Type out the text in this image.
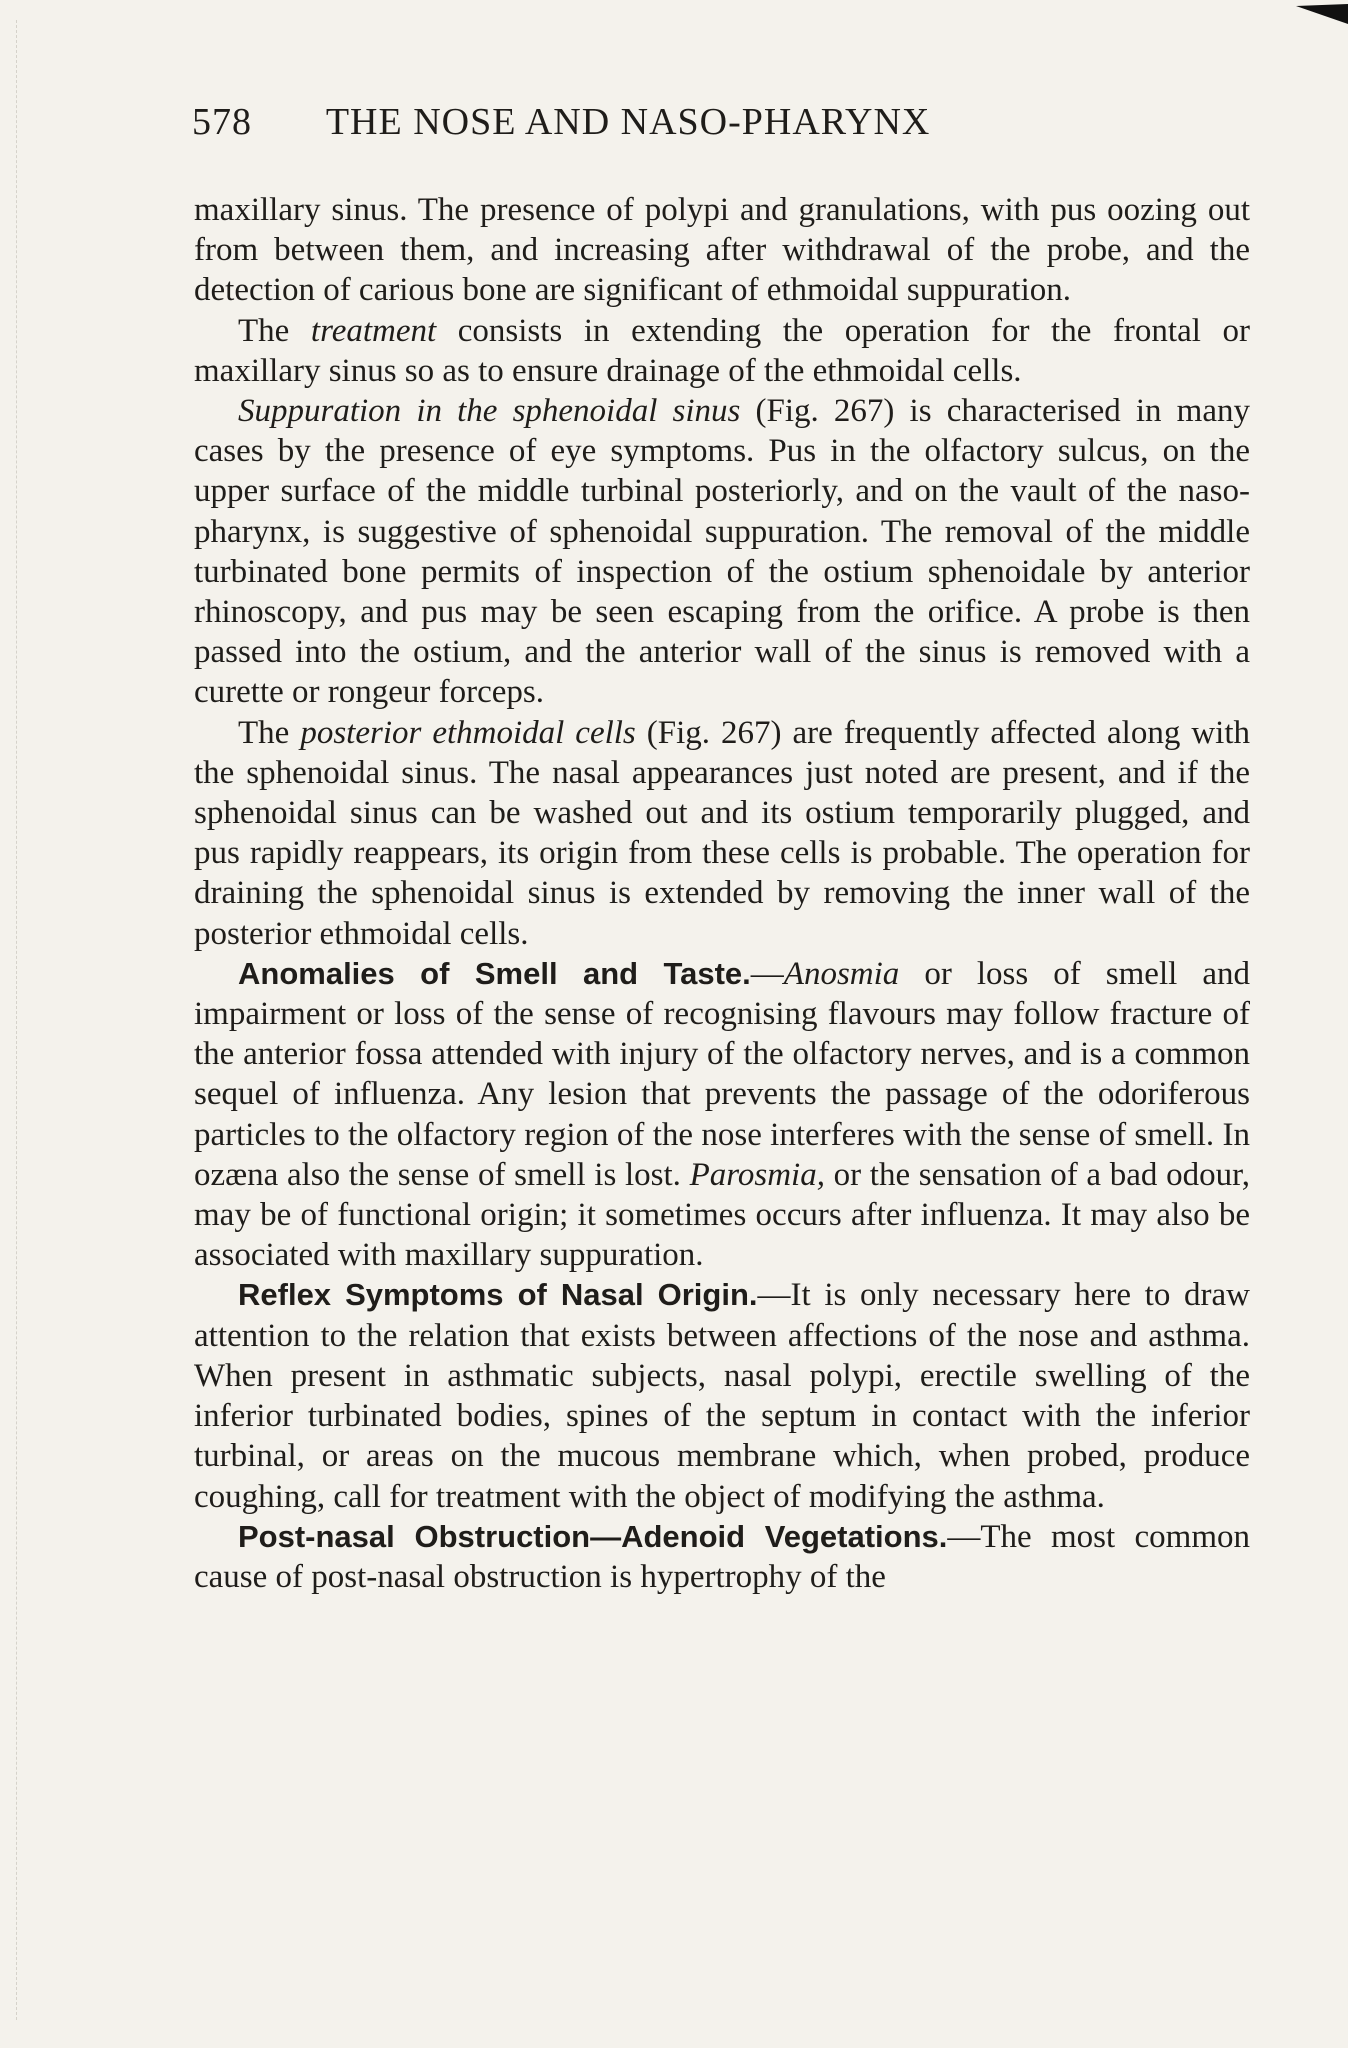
578 THE NOSE AND NASO-PHARYNX

maxillary sinus. The presence of polypi and granulations, with pus oozing out from between them, and increasing after withdrawal of the probe, and the detection of carious bone are significant of ethmoidal suppuration.

The treatment consists in extending the operation for the frontal or maxillary sinus so as to ensure drainage of the ethmoidal cells.

Suppuration in the sphenoidal sinus (Fig. 267) is characterised in many cases by the presence of eye symptoms. Pus in the olfactory sulcus, on the upper surface of the middle turbinal posteriorly, and on the vault of the naso-pharynx, is suggestive of sphenoidal suppuration. The removal of the middle turbinated bone permits of inspection of the ostium sphenoidale by anterior rhinoscopy, and pus may be seen escaping from the orifice. A probe is then passed into the ostium, and the anterior wall of the sinus is removed with a curette or rongeur forceps.

The posterior ethmoidal cells (Fig. 267) are frequently affected along with the sphenoidal sinus. The nasal appearances just noted are present, and if the sphenoidal sinus can be washed out and its ostium temporarily plugged, and pus rapidly reappears, its origin from these cells is probable. The operation for draining the sphenoidal sinus is extended by removing the inner wall of the posterior ethmoidal cells.

Anomalies of Smell and Taste.—Anosmia or loss of smell and impairment or loss of the sense of recognising flavours may follow fracture of the anterior fossa attended with injury of the olfactory nerves, and is a common sequel of influenza. Any lesion that prevents the passage of the odoriferous particles to the olfactory region of the nose interferes with the sense of smell. In ozæna also the sense of smell is lost. Parosmia, or the sensation of a bad odour, may be of functional origin; it sometimes occurs after influenza. It may also be associated with maxillary suppuration.

Reflex Symptoms of Nasal Origin.—It is only necessary here to draw attention to the relation that exists between affections of the nose and asthma. When present in asthmatic subjects, nasal polypi, erectile swelling of the inferior turbinated bodies, spines of the septum in contact with the inferior turbinal, or areas on the mucous membrane which, when probed, produce coughing, call for treatment with the object of modifying the asthma.

Post-nasal Obstruction—Adenoid Vegetations.—The most common cause of post-nasal obstruction is hypertrophy of the
